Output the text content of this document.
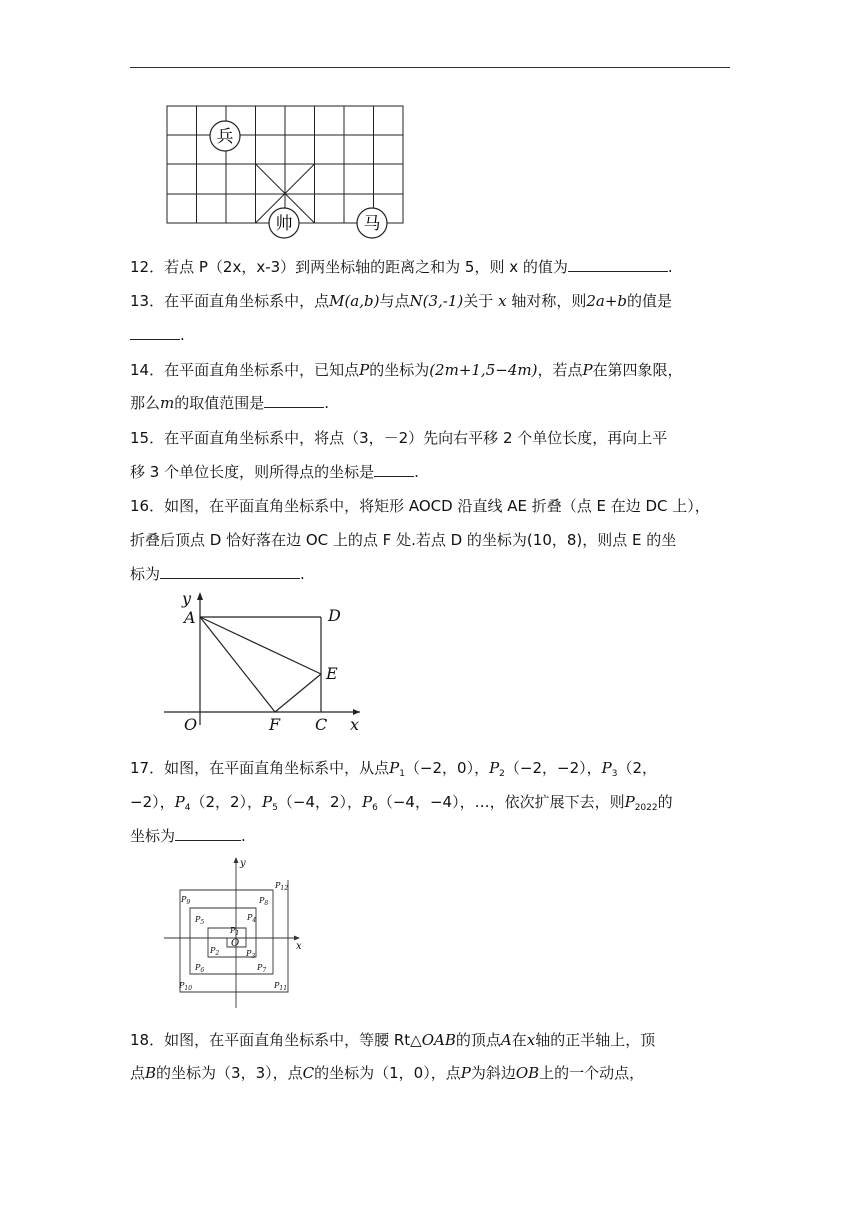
兵
帅	马
12．若点 P（2x，x-3）到两坐标轴的距离之和为 5，则 x 的值为	.
13．在平面直角坐标系中，点M(a,b)与点N(3,-1)关于 x 轴对称，则2a+b的值是
.
14．在平面直角坐标系中，已知点P的坐标为(2m+1,5−4m)，若点P在第四象限，
那么m的取值范围是	.
15．在平面直角坐标系中，将点（3，－2）先向右平移 2 个单位长度，再向上平
移 3 个单位长度，则所得点的坐标是	.
16．如图，在平面直角坐标系中，将矩形 AOCD 沿直线 AE 折叠（点 E 在边 DC 上），
折叠后顶点 D 恰好落在边 OC 上的点 F 处.若点 D 的坐标为(10，8)，则点 E 的坐
标为	.
y
x
A	D
E
O	F C
17．如图，在平面直角坐标系中，从点$P_1(-2$，0），$P_2(-2$，−2），$P_3(2$，
−2），$P_4(2$，2），$P_5(-4$，2），$P_6(-4$，−4），…，依次扩展下去，则$P_{2022}$的
坐标为	.
$P_1$
$P_2$	$P_3$
$P_4$
$P_5$
$P_6$	$P_7$
$P_8$
$P_9$
$P_{10}$	$P_{11}$
$P_{12}$
y
x
O
18．如图，在平面直角坐标系中，等腰 Rt△OAB的顶点A在x轴的正半轴上，顶
点B的坐标为（3，3），点C的坐标为（1，0），点P为斜边OB上的一个动点，
